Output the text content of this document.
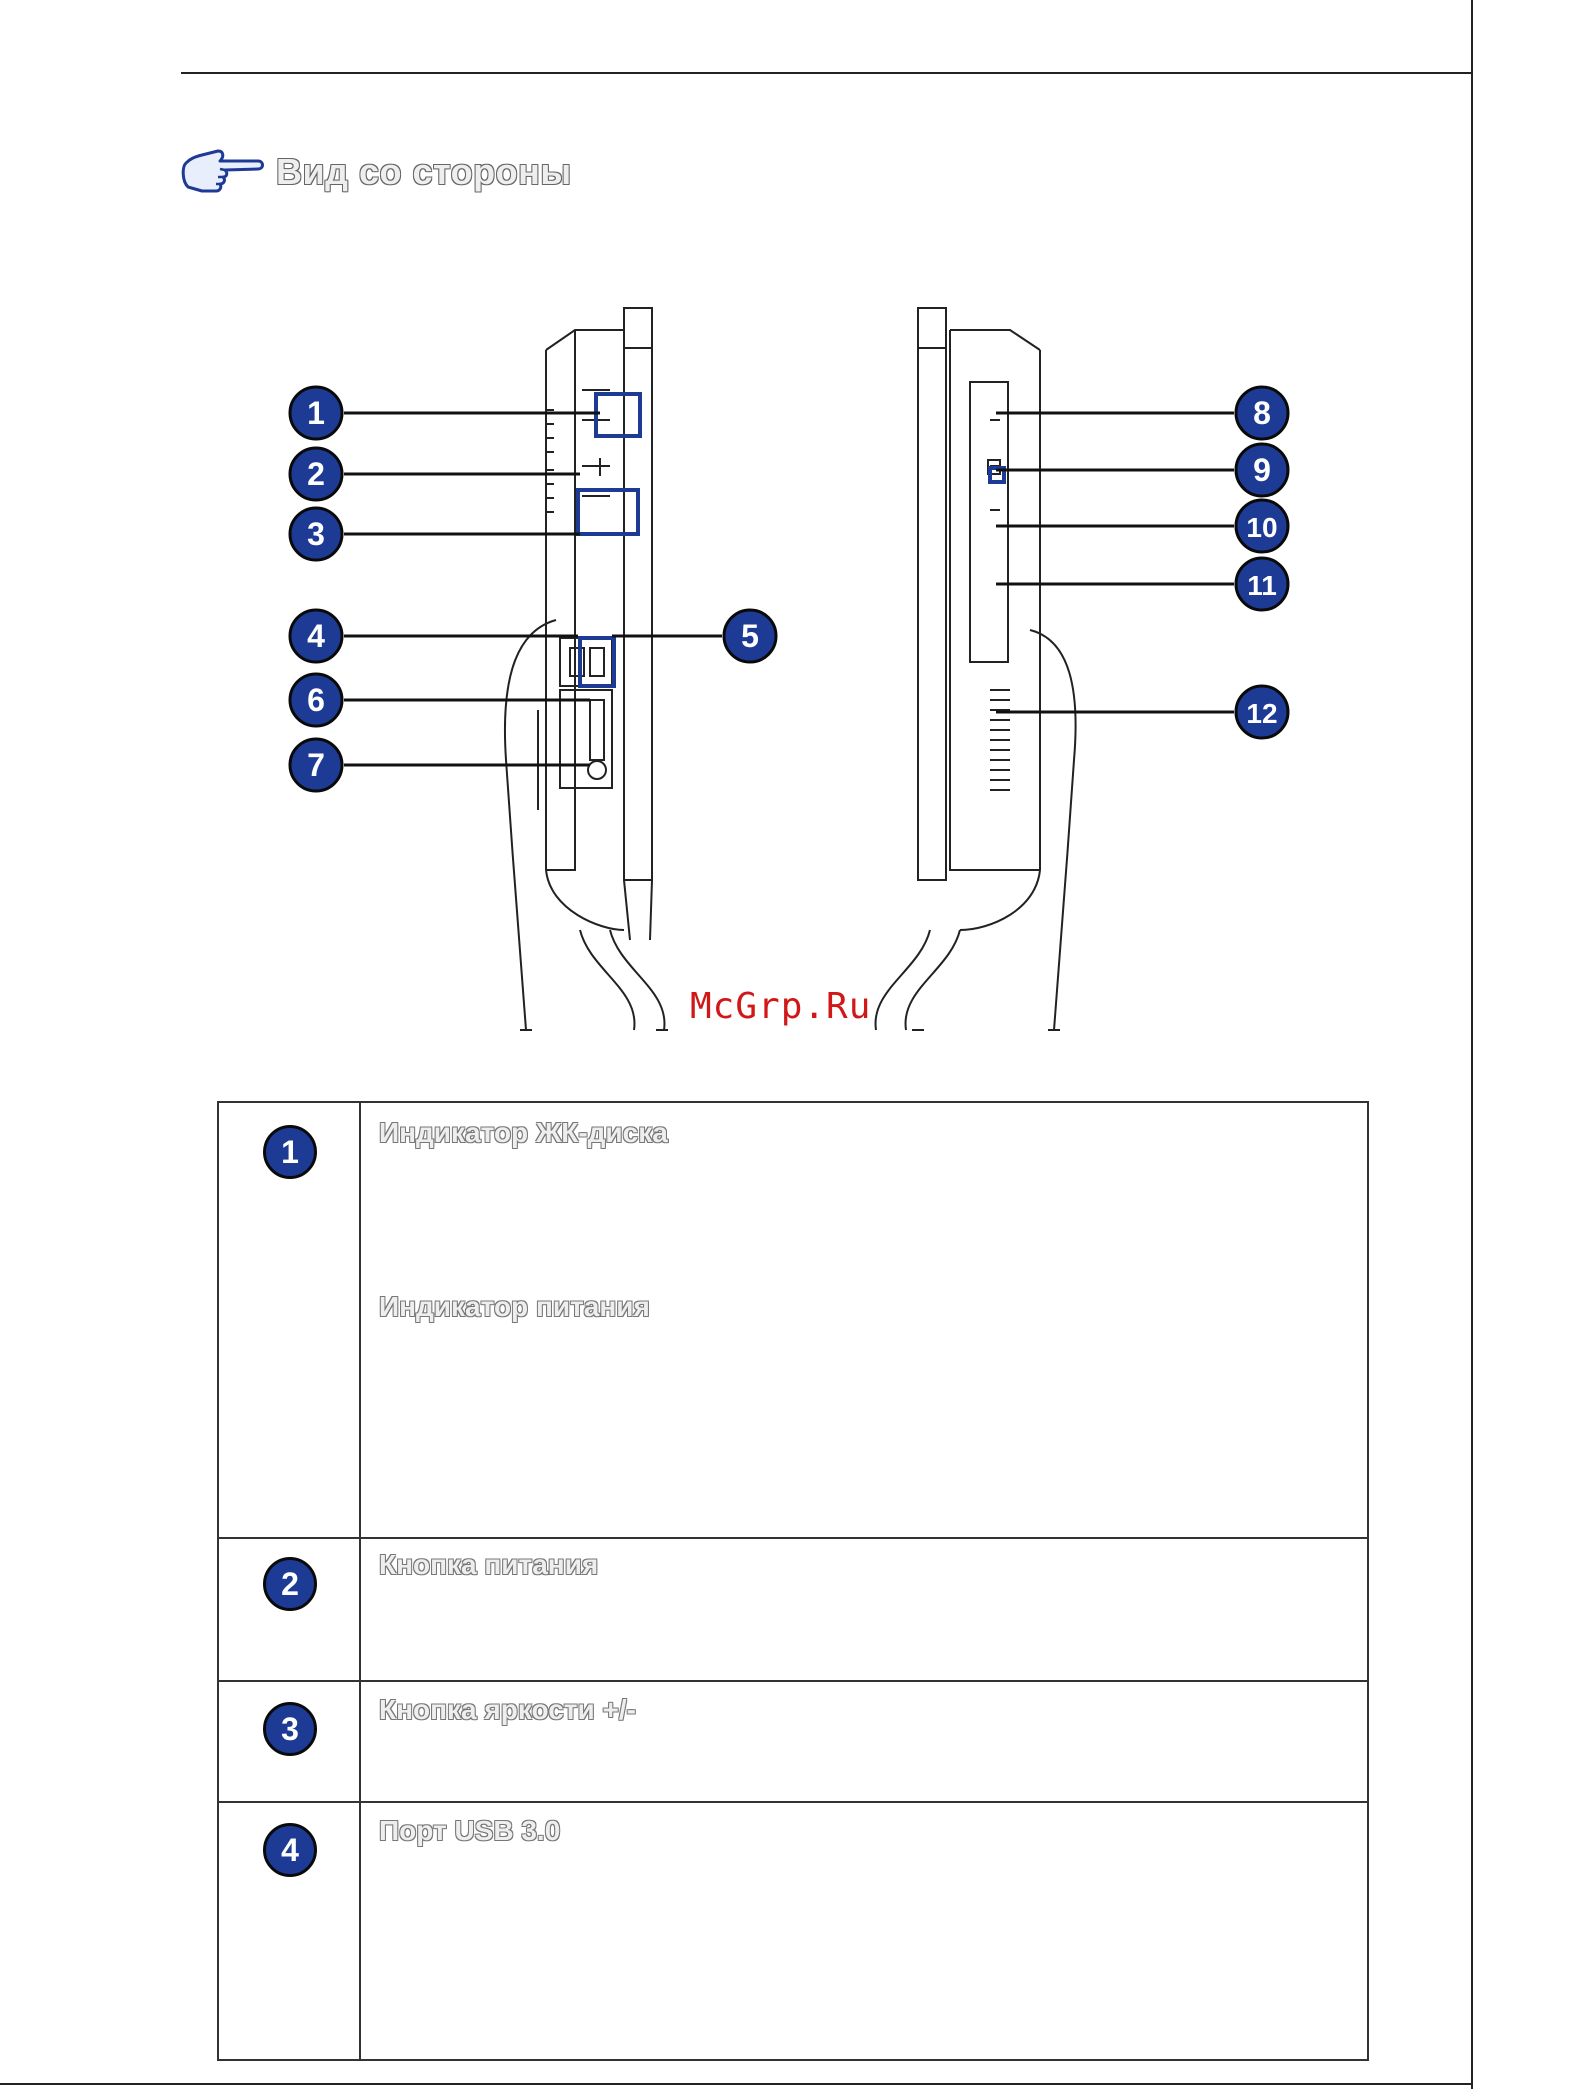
Вид со стороны
1
2
3
4	5
6
7
8
9
10
11
12
McGrp.Ru
1
Индикатор ЖК-диска
Индикатор питания
2
Кнопка питания
3
Кнопка яркости +/-
4
Порт USB 3.0
